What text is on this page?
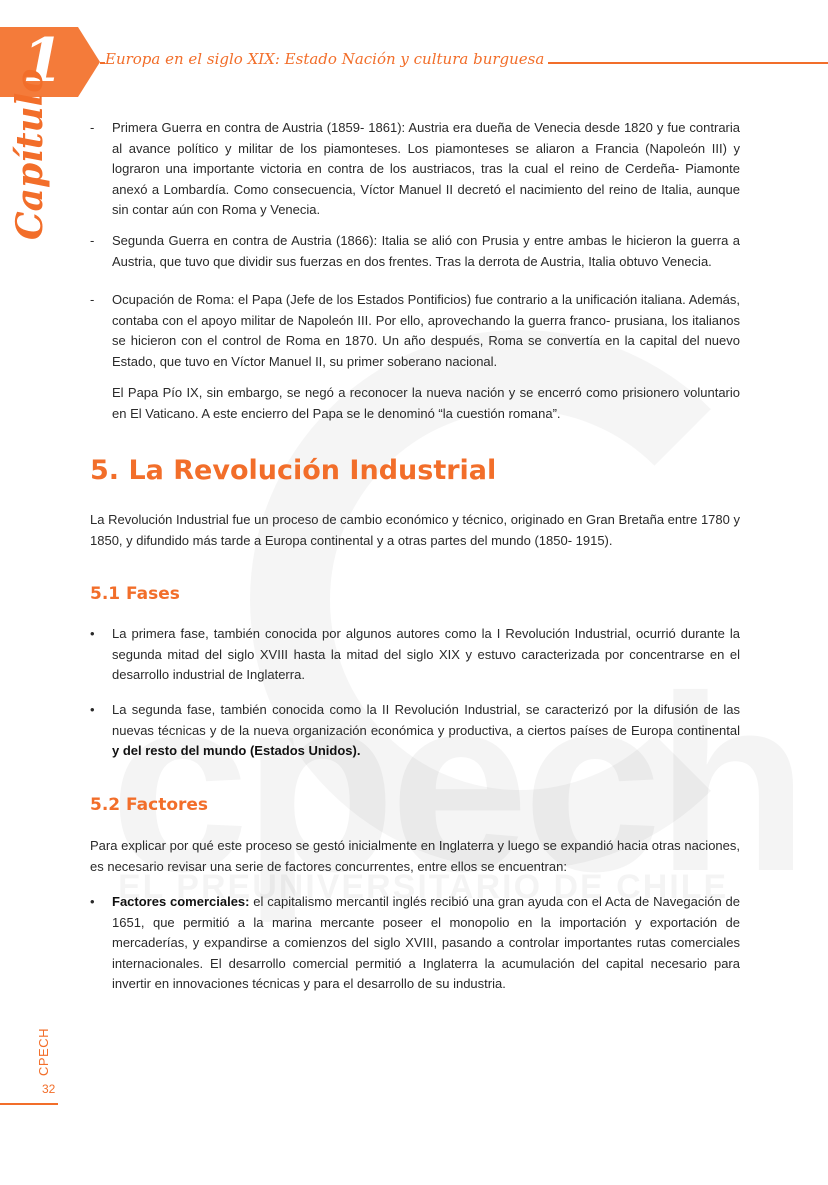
1	Europa en el siglo XIX: Estado Nación y cultura burguesa
Capítulo	- Primera Guerra en contra de Austria (1859- 1861): Austria era dueña de Venecia desde 1820 y fue contraria al avance político y militar de los piamonteses. Los piamonteses se aliaron a Francia (Napoleón III) y lograron una importante victoria en contra de los austriacos, tras la cual el reino de Cerdeña- Piamonte anexó a Lombardía. Como consecuencia, Víctor Manuel II decretó el nacimiento del reino de Italia, aunque sin contar aún con Roma y Venecia.
- Segunda Guerra en contra de Austria (1866): Italia se alió con Prusia y entre ambas le hicieron la guerra a Austria, que tuvo que dividir sus fuerzas en dos frentes. Tras la derrota de Austria, Italia obtuvo Venecia.
- Ocupación de Roma: el Papa (Jefe de los Estados Pontificios) fue contrario a la unificación italiana. Además, contaba con el apoyo militar de Napoleón III. Por ello, aprovechando la guerra franco- prusiana, los italianos se hicieron con el control de Roma en 1870. Un año después, Roma se convertía en la capital del nuevo Estado, que tuvo en Víctor Manuel II, su primer soberano nacional.
El Papa Pío IX, sin embargo, se negó a reconocer la nueva nación y se encerró como prisionero voluntario en El Vaticano. A este encierro del Papa se le denominó “la cuestión romana”.
5. La Revolución Industrial
La Revolución Industrial fue un proceso de cambio económico y técnico, originado en Gran Bretaña entre 1780 y 1850, y difundido más tarde a Europa continental y a otras partes del mundo (1850- 1915).
5.1 Fases
• La primera fase, también conocida por algunos autores como la I Revolución Industrial, ocurrió durante la segunda mitad del siglo XVIII hasta la mitad del siglo XIX y estuvo caracterizada por concentrarse en el desarrollo industrial de Inglaterra.
• La segunda fase, también conocida como la II Revolución Industrial, se caracterizó por la difusión de las nuevas técnicas y de la nueva organización económica y productiva, a ciertos países de Europa continental y del resto del mundo (Estados Unidos).
5.2 Factores
Para explicar por qué este proceso se gestó inicialmente en Inglaterra y luego se expandió hacia otras naciones, es necesario revisar una serie de factores concurrentes, entre ellos se encuentran:
• Factores comerciales: el capitalismo mercantil inglés recibió una gran ayuda con el Acta de Navegación de 1651, que permitió a la marina mercante poseer el monopolio en la importación y exportación de mercaderías, y expandirse a comienzos del siglo XVIII, pasando a controlar importantes rutas comerciales internacionales. El desarrollo comercial permitió a Inglaterra la acumulación del capital necesario para invertir en innovaciones técnicas y para el desarrollo de su industria.
CPECH
32
